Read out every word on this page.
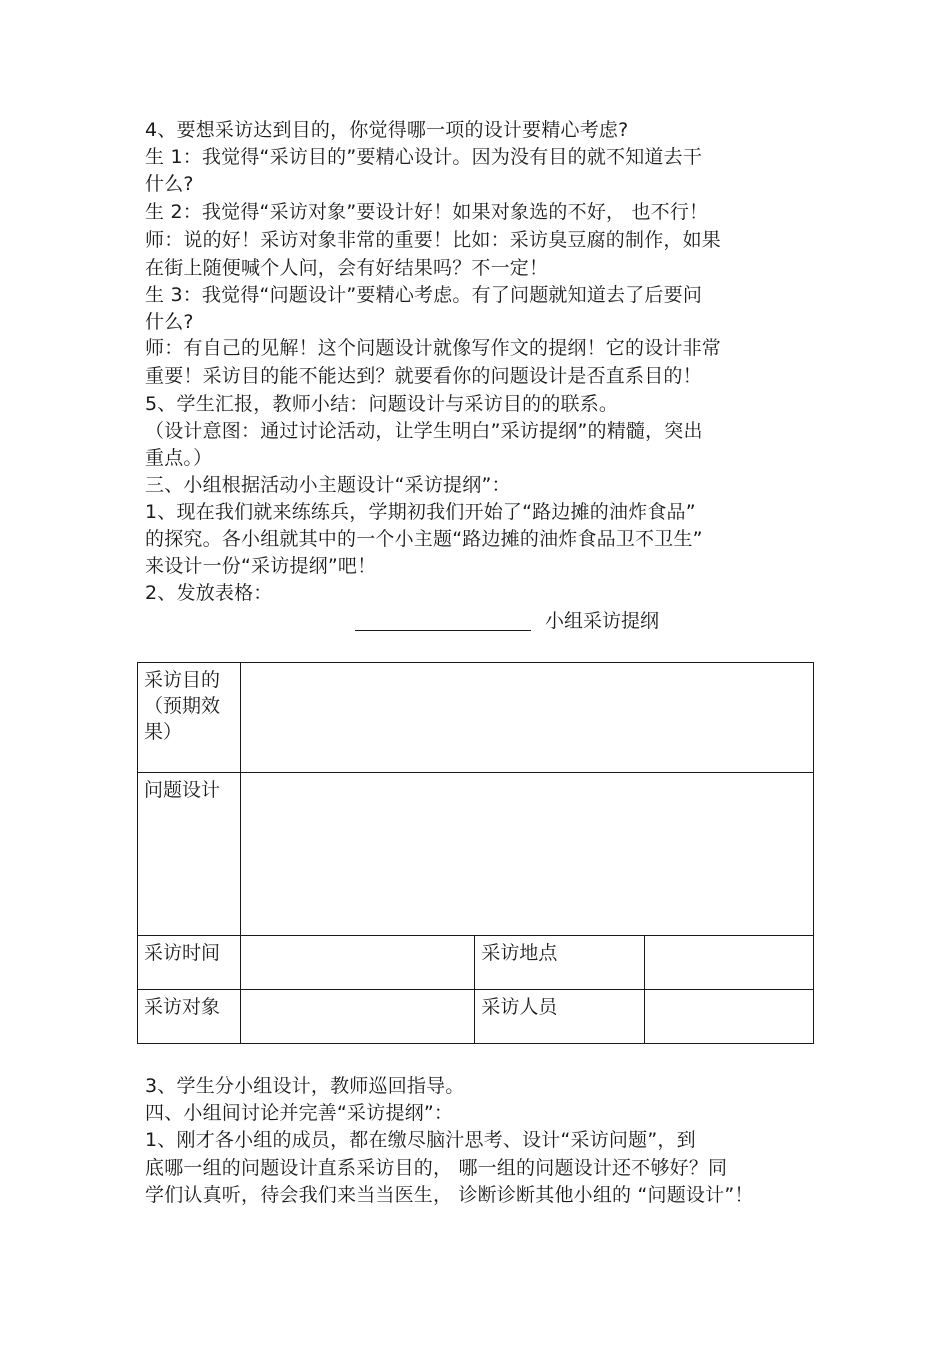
4、要想采访达到目的，你觉得哪一项的设计要精心考虑?
生 1：我觉得“采访目的”要精心设计。因为没有目的就不知道去干
什么?
生 2：我觉得“采访对象”要设计好！如果对象选的不好， 也不行！
师：说的好！采访对象非常的重要！比如：采访臭豆腐的制作，如果
在街上随便喊个人问，会有好结果吗？不一定！
生 3：我觉得“问题设计”要精心考虑。有了问题就知道去了后要问
什么?
师：有自己的见解！这个问题设计就像写作文的提纲！它的设计非常
重要！采访目的能不能达到？就要看你的问题设计是否直系目的！
5、学生汇报，教师小结：问题设计与采访目的的联系。
（设计意图：通过讨论活动，让学生明白”采访提纲”的精髓，突出
重点。）
三、小组根据活动小主题设计“采访提纲”：
1、现在我们就来练练兵，学期初我们开始了“路边摊的油炸食品”
的探究。各小组就其中的一个小主题“路边摊的油炸食品卫不卫生”
来设计一份“采访提纲”吧！
2、发放表格：
小组采访提纲
采访目的（预期效果）			

问题设计			
采访时间		采访地点	
采访对象		采访人员	
3、学生分小组设计，教师巡回指导。
四、小组间讨论并完善“采访提纲”：
1、刚才各小组的成员，都在缴尽脑汁思考、设计“采访问题”，到
底哪一组的问题设计直系采访目的， 哪一组的问题设计还不够好？同
学们认真听，待会我们来当当医生， 诊断诊断其他小组的 “问题设计”！
